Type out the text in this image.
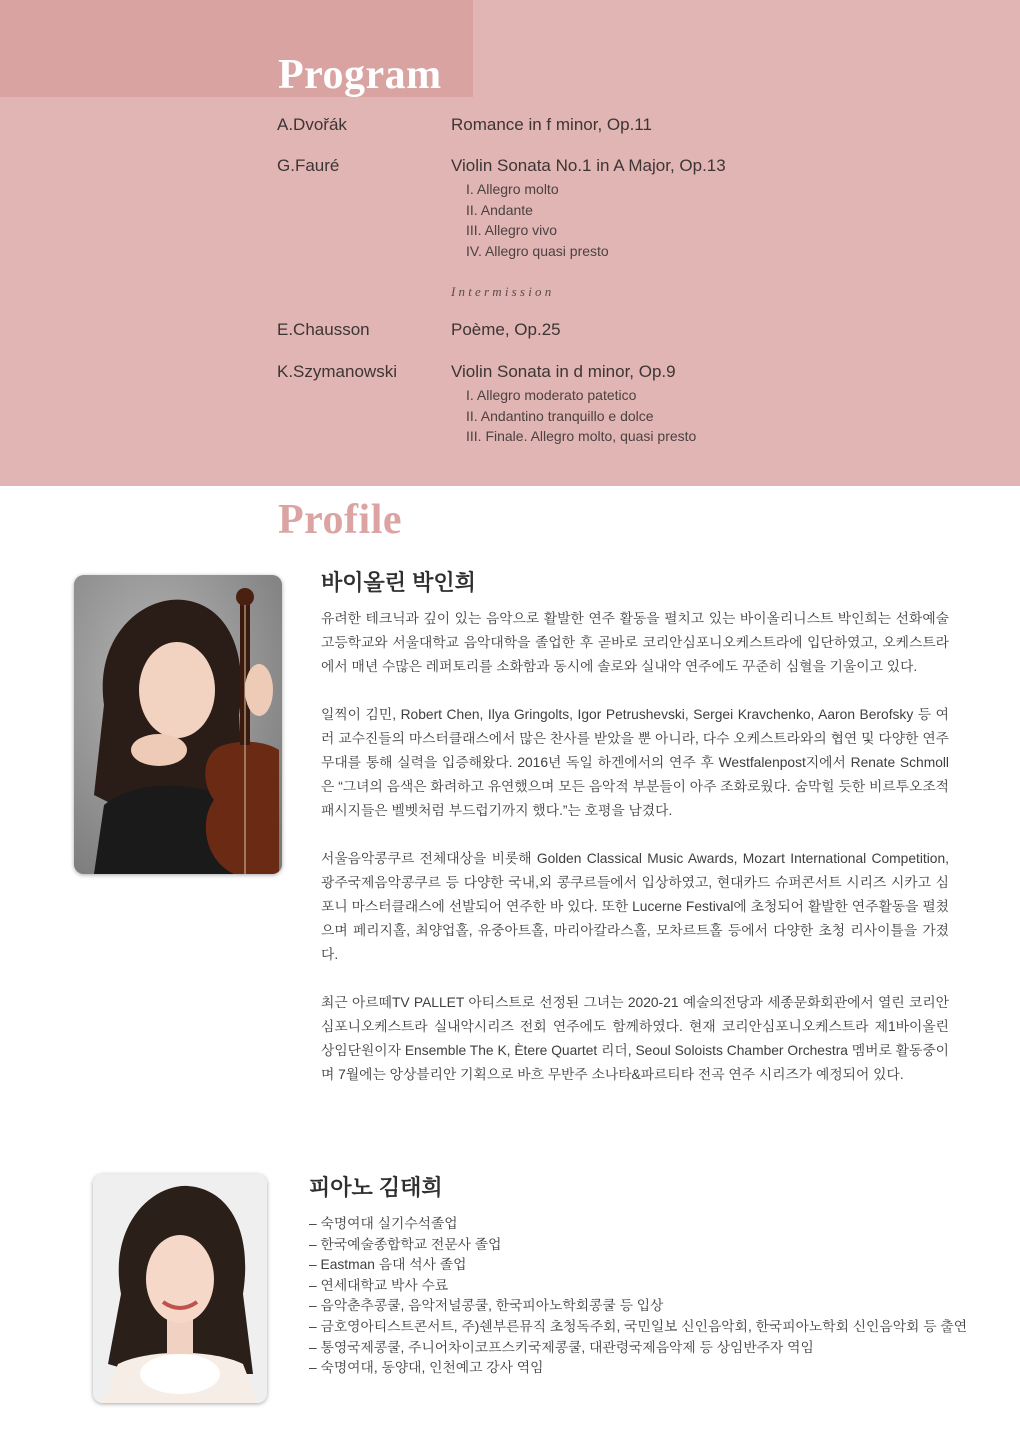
Program
A.Dvořák	Romance in f minor, Op.11
G.Fauré	Violin Sonata No.1 in A Major, Op.13
I. Allegro molto
II. Andante
III. Allegro vivo
IV. Allegro quasi presto
Intermission
E.Chausson	Poème, Op.25
K.Szymanowski	Violin Sonata in d minor, Op.9
I. Allegro moderato patetico
II. Andantino tranquillo e dolce
III. Finale. Allegro molto, quasi presto
Profile
바이올린 박인희

유려한 테크닉과 깊이 있는 음악으로 활발한 연주 활동을 펼치고 있는 바이올리니스트 박인희는 선화예술고등학교와 서울대학교 음악대학을 졸업한 후 곧바로 코리안심포니오케스트라에 입단하였고, 오케스트라에서 매년 수많은 레퍼토리를 소화함과 동시에 솔로와 실내악 연주에도 꾸준히 심혈을 기울이고 있다.

일찍이 김민, Robert Chen, Ilya Gringolts, Igor Petrushevski, Sergei Kravchenko, Aaron Berofsky 등 여러 교수진들의 마스터클래스에서 많은 찬사를 받았을 뿐 아니라, 다수 오케스트라와의 협연 및 다양한 연주무대를 통해 실력을 입증해왔다. 2016년 독일 하겐에서의 연주 후 Westfalenpost지에서 Renate Schmoll은 “그녀의 음색은 화려하고 유연했으며 모든 음악적 부분들이 아주 조화로웠다. 숨막힐 듯한 비르투오조적 패시지들은 벨벳처럼 부드럽기까지 했다.”는 호평을 남겼다.

서울음악콩쿠르 전체대상을 비롯해 Golden Classical Music Awards, Mozart International Competition, 광주국제음악콩쿠르 등 다양한 국내,외 콩쿠르들에서 입상하였고, 현대카드 슈퍼콘서트 시리즈 시카고 심포니 마스터클래스에 선발되어 연주한 바 있다. 또한 Lucerne Festival에 초청되어 활발한 연주활동을 펼쳤으며 페리지홀, 최양업홀, 유중아트홀, 마리아칼라스홀, 모차르트홀 등에서 다양한 초청 리사이틀을 가졌다.

최근 아르떼TV PALLET 아티스트로 선정된 그녀는 2020-21 예술의전당과 세종문화회관에서 열린 코리안심포니오케스트라 실내악시리즈 전회 연주에도 함께하였다. 현재 코리안심포니오케스트라 제1바이올린 상임단원이자 Ensemble The K, Ètere Quartet 리더, Seoul Soloists Chamber Orchestra 멤버로 활동중이며 7월에는 앙상블리안 기획으로 바흐 무반주 소나타&파르티타 전곡 연주 시리즈가 예정되어 있다.

피아노 김태희
– 숙명여대 실기수석졸업
– 한국예술종합학교 전문사 졸업
– Eastman 음대 석사 졸업
– 연세대학교 박사 수료
– 음악춘추콩쿨, 음악저널콩쿨, 한국피아노학회콩쿨 등 입상
– 금호영아티스트콘서트, 주)쉔부른뮤직 초청독주회, 국민일보 신인음악회, 한국피아노학회 신인음악회 등 출연
– 통영국제콩쿨, 주니어차이코프스키국제콩쿨, 대관령국제음악제 등 상임반주자 역임
– 숙명여대, 동양대, 인천예고 강사 역임
